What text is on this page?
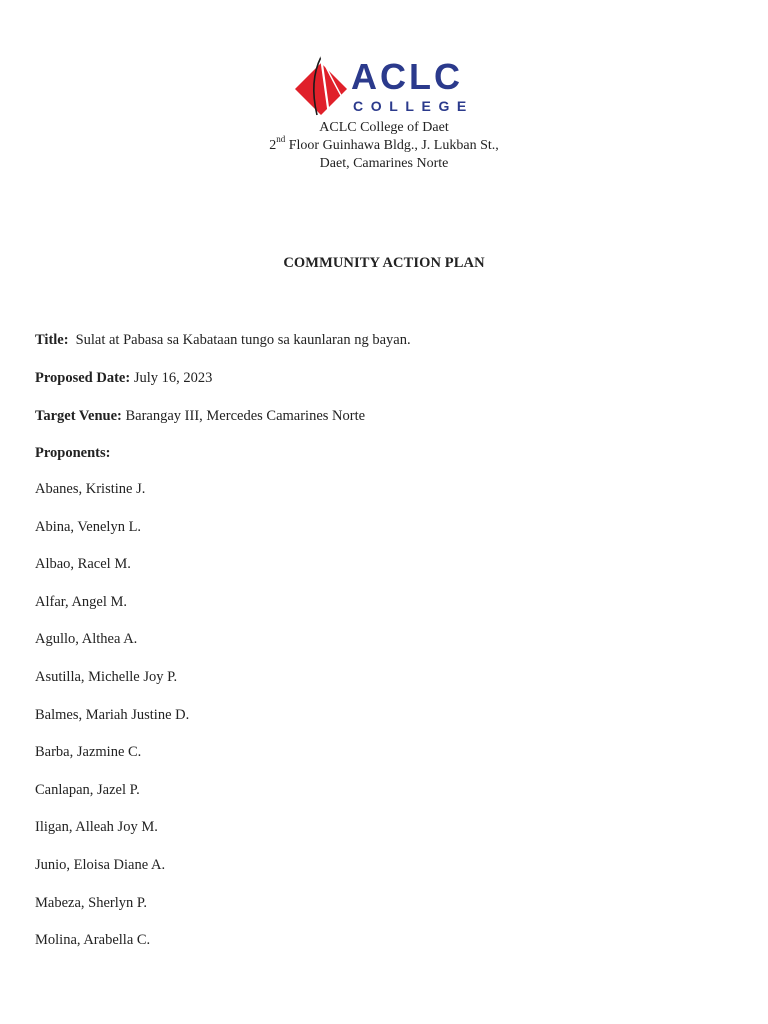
ACLC
COLLEGE
ACLC College of Daet
2nd Floor Guinhawa Bldg., J. Lukban St.,
Daet, Camarines Norte
COMMUNITY ACTION PLAN
Title: Sulat at Pabasa sa Kabataan tungo sa kaunlaran ng bayan.
Proposed Date: July 16, 2023
Target Venue: Barangay III, Mercedes Camarines Norte
Proponents:
Abanes, Kristine J.
Abina, Venelyn L.
Albao, Racel M.
Alfar, Angel M.
Agullo, Althea A.
Asutilla, Michelle Joy P.
Balmes, Mariah Justine D.
Barba, Jazmine C.
Canlapan, Jazel P.
Iligan, Alleah Joy M.
Junio, Eloisa Diane A.
Mabeza, Sherlyn P.
Molina, Arabella C.
